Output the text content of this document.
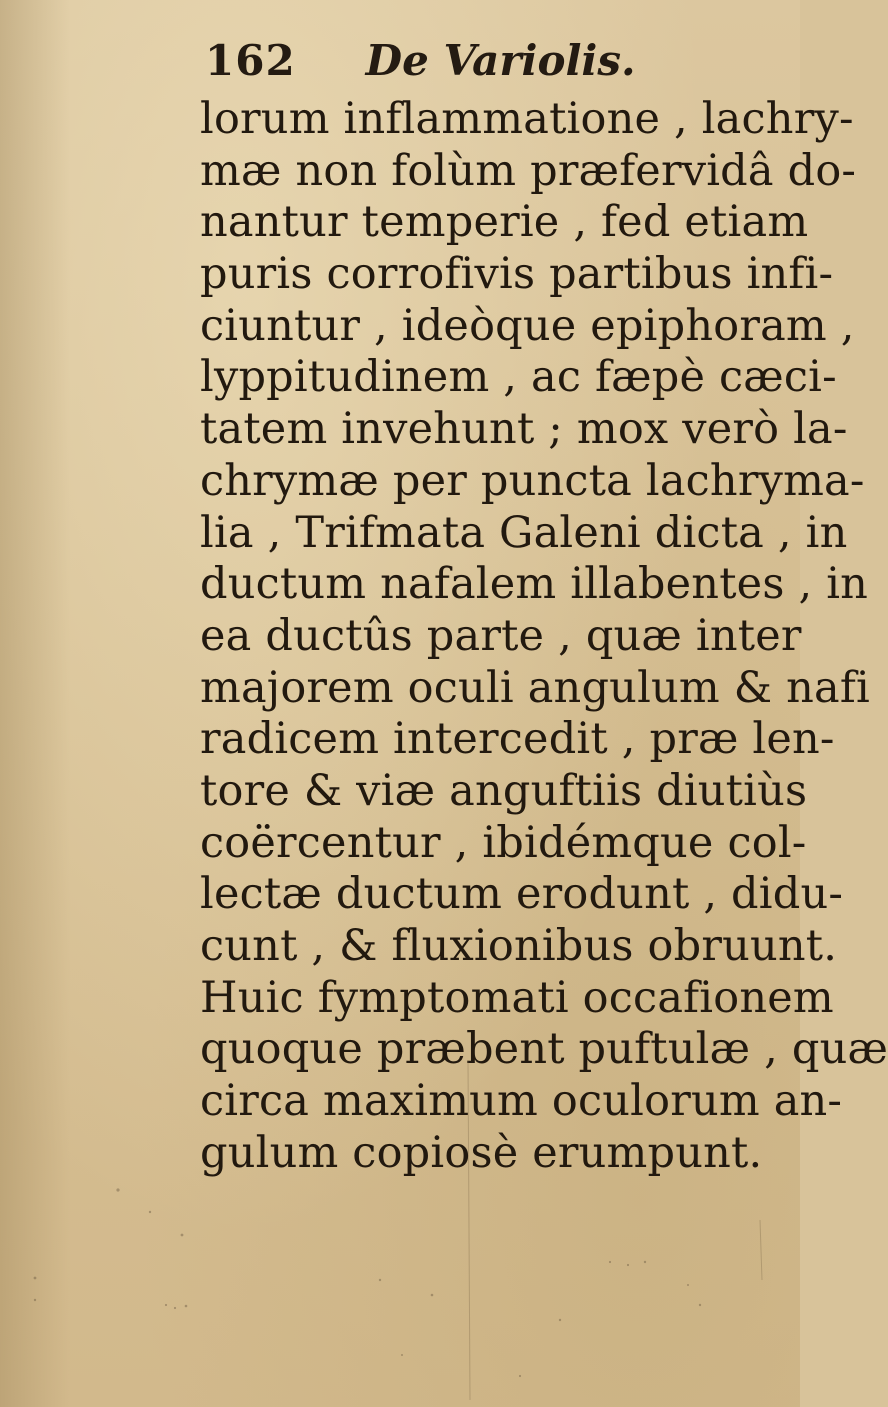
162 De Variolis.
lorum inflammatione , lachry-
mæ non folùm præfervidâ do-
nantur temperie , fed etiam
puris corrofivis partibus infi-
ciuntur , ideòque epiphoram ,
lyppitudinem , ac fæpè cæci-
tatem invehunt ; mox verò la-
chrymæ per puncta lachryma-
lia , Trifmata Galeni dicta , in
ductum nafalem illabentes , in
ea ductûs parte , quæ inter
majorem oculi angulum & nafi
radicem intercedit , præ len-
tore & viæ anguftiis diutiùs
coërcentur , ibidémque col-
lectæ ductum erodunt , didu-
cunt , & fluxionibus obruunt.
Huic fymptomati occafionem
quoque præbent puftulæ , quæ
circa maximum oculorum an-
gulum copiosè erumpunt.
